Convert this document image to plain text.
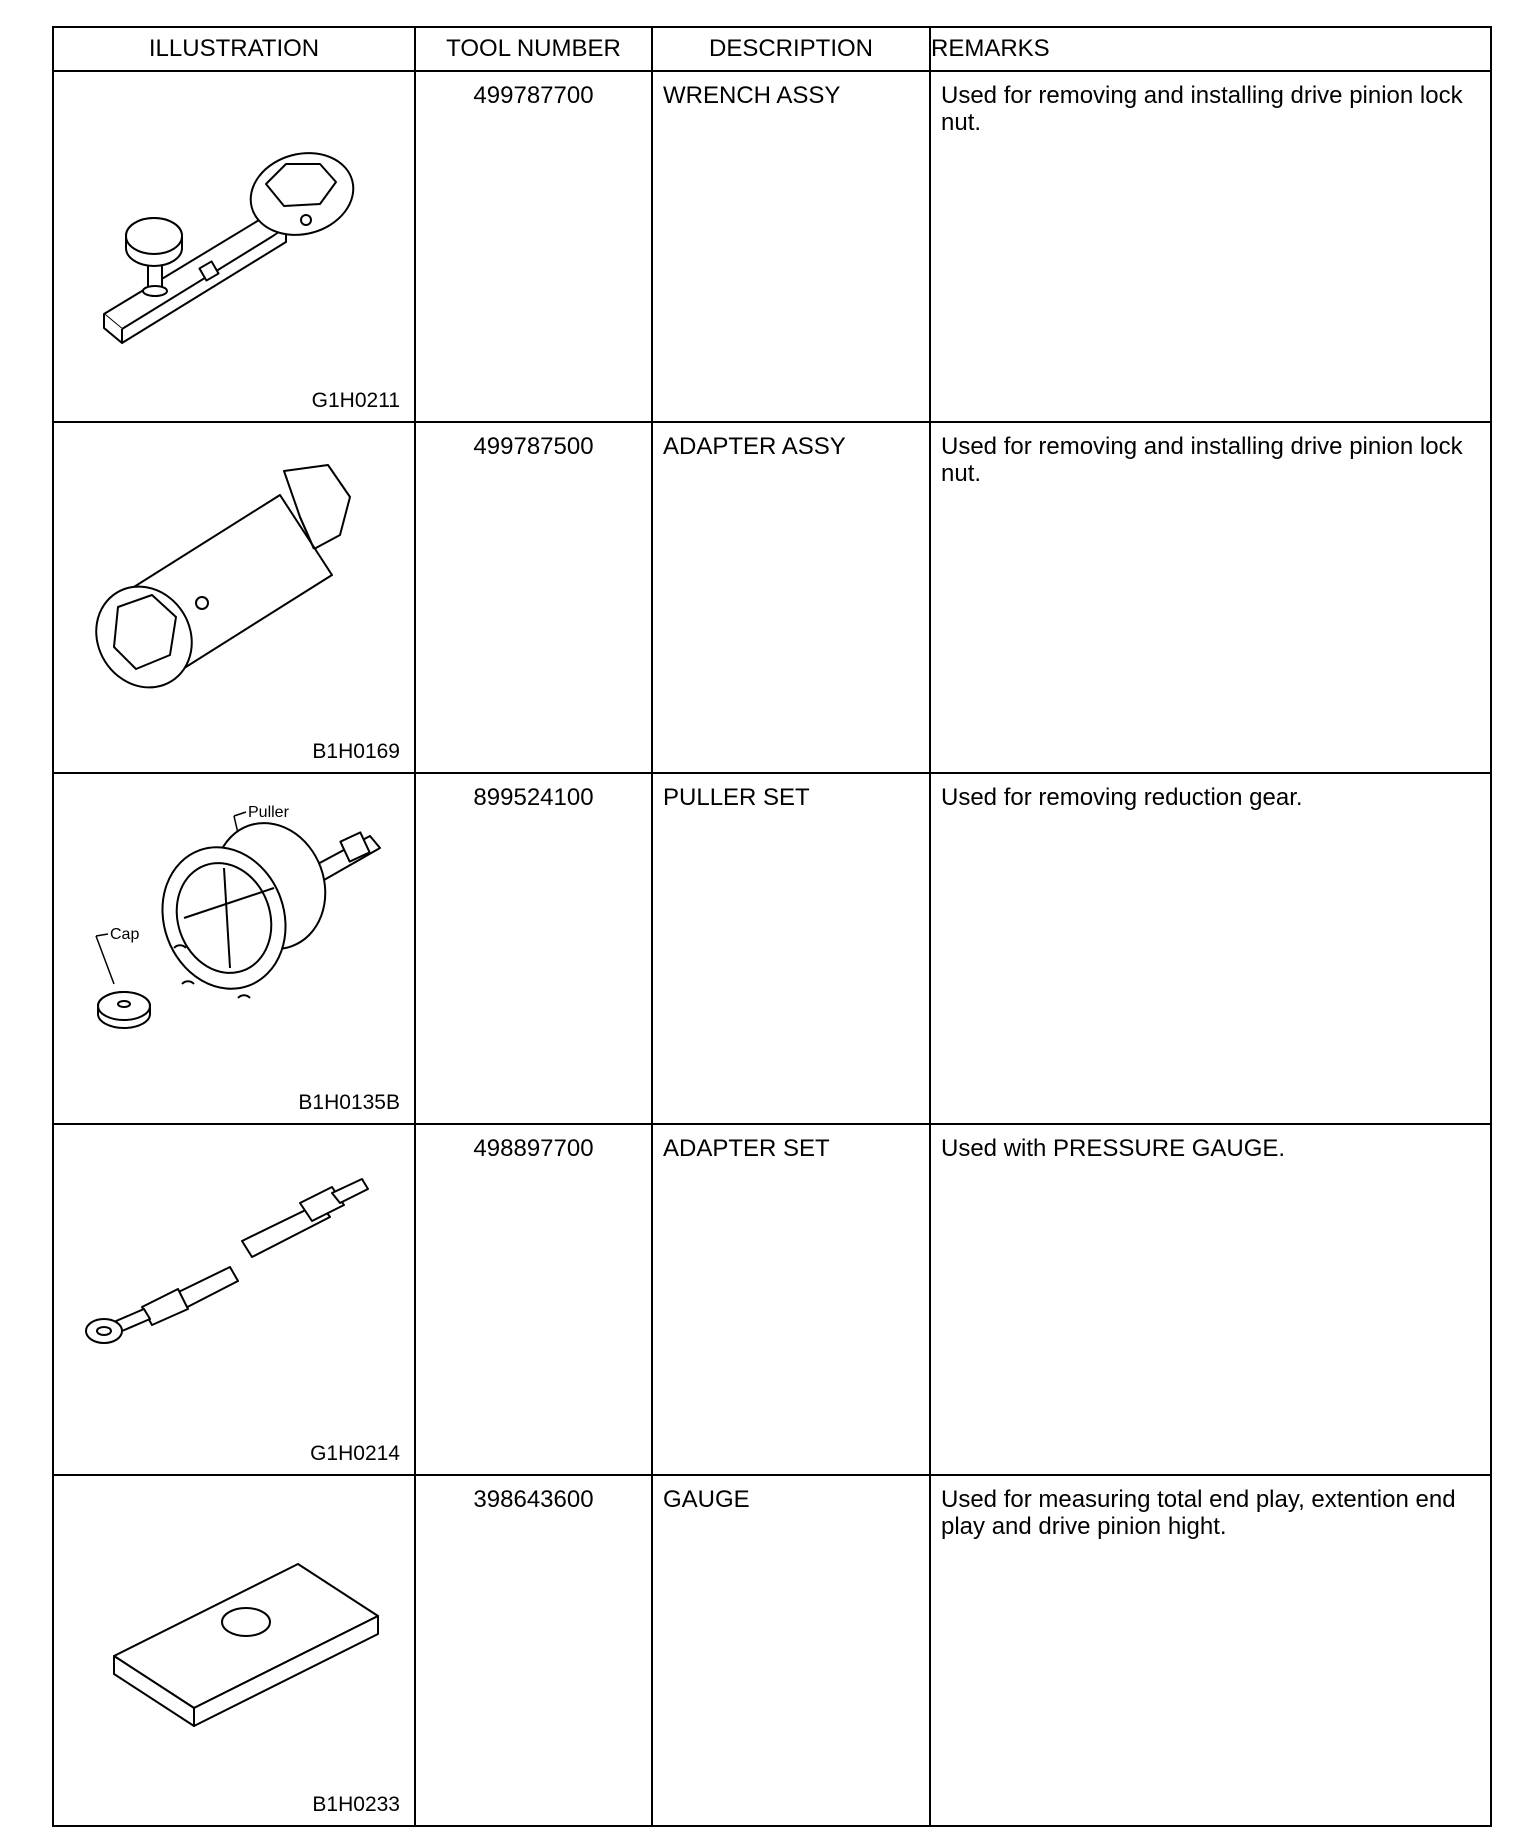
ILLUSTRATION	TOOL NUMBER	DESCRIPTION	REMARKS

G1H0211	499787700	WRENCH ASSY	Used for removing and installing drive pinion lock nut.

B1H0169	499787500	ADAPTER ASSY	Used for removing and installing drive pinion lock nut.

Puller
Cap
B1H0135B	899524100	PULLER SET	Used for removing reduction gear.

G1H0214	498897700	ADAPTER SET	Used with PRESSURE GAUGE.

B1H0233	398643600	GAUGE	Used for measuring total end play, extention end play and drive pinion hight.
